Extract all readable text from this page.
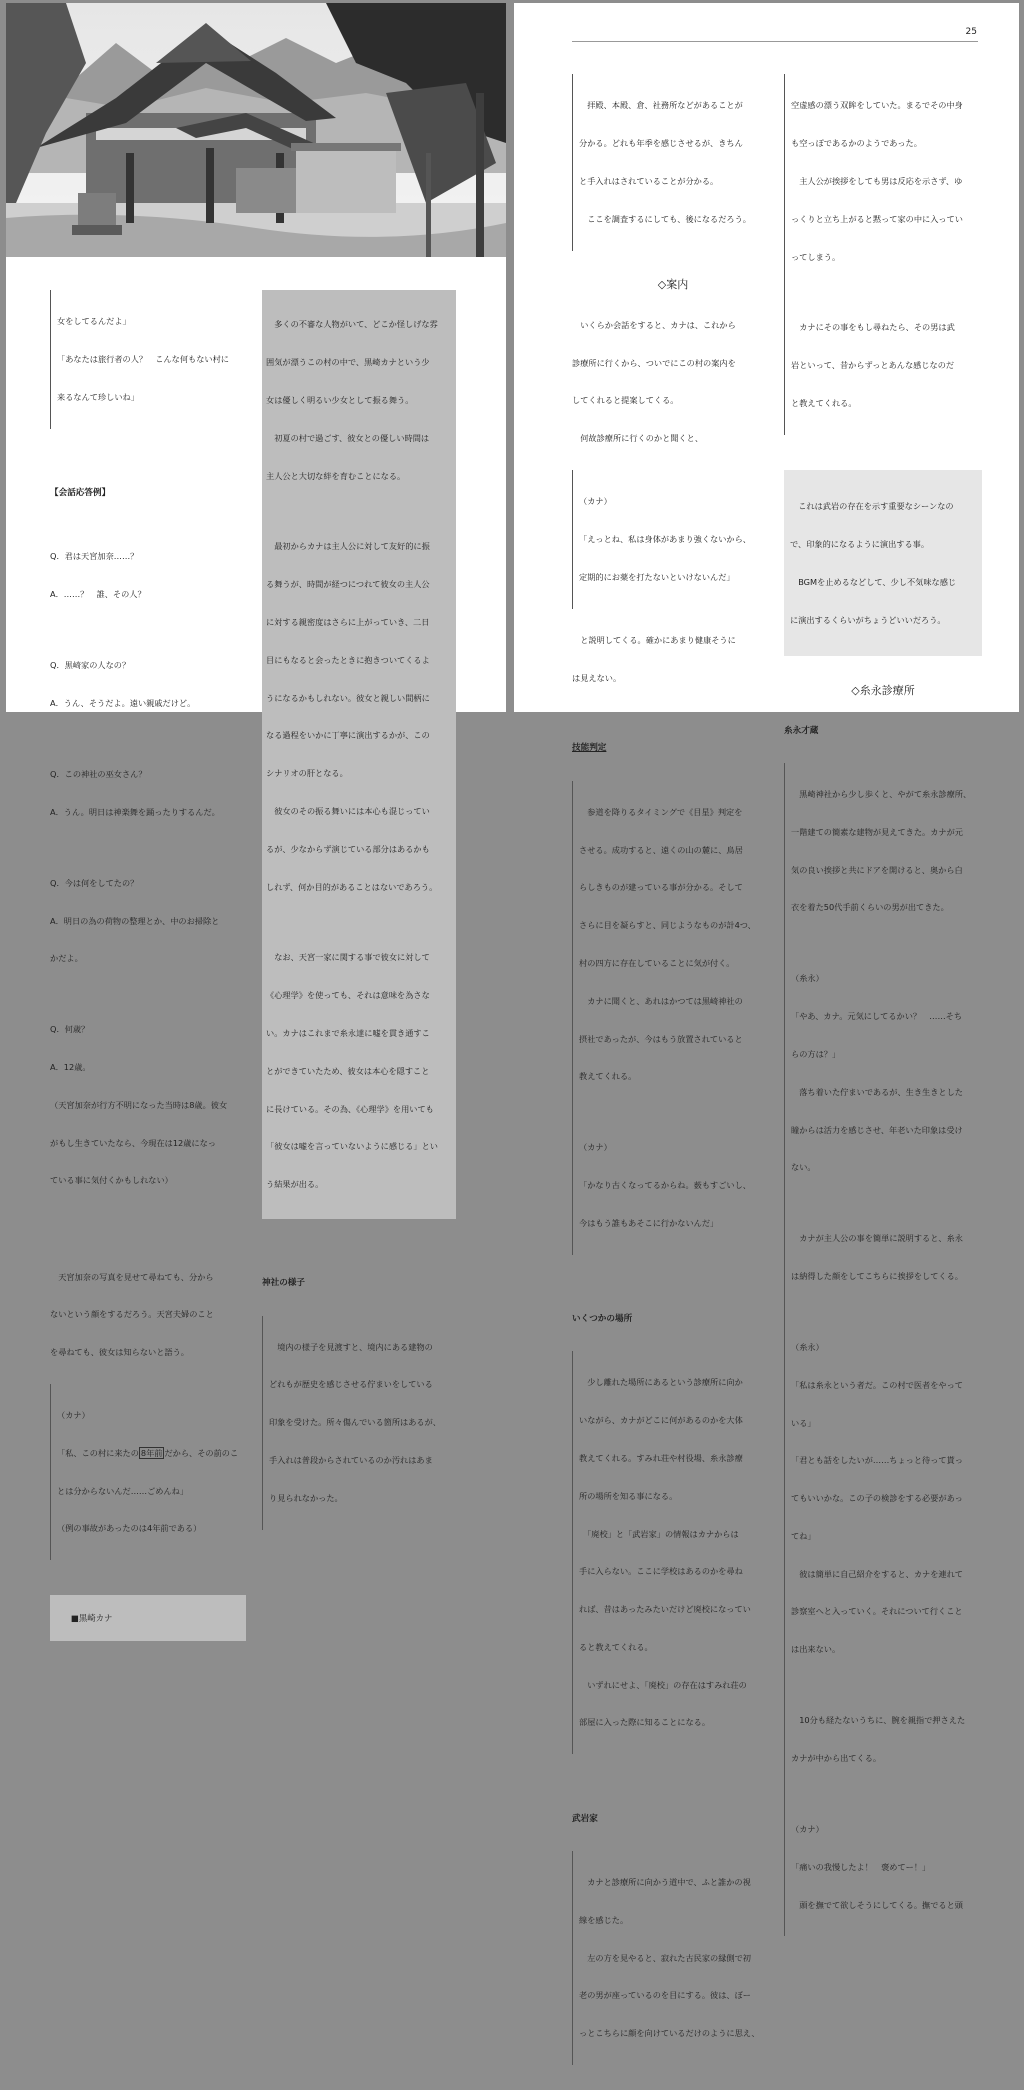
女をしてるんだよ」

「あなたは旅行者の人？　こんな何もない村に

来るなんて珍しいね」

【会話応答例】

Q．君は天宮加奈……？

A．……？　誰、その人？

Q．黒崎家の人なの？

A．うん、そうだよ。遠い親戚だけど。

Q．この神社の巫女さん？

A．うん。明日は神楽舞を踊ったりするんだ。

Q．今は何をしてたの？

A．明日の為の荷物の整理とか、中のお掃除と

かだよ。

Q．何歳？

A．12歳。

（天宮加奈が行方不明になった当時は8歳。彼女

がもし生きていたなら、今現在は12歳になっ

ている事に気付くかもしれない）

　天宮加奈の写真を見せて尋ねても、分から

ないという顔をするだろう。天宮夫婦のこと

を尋ねても、彼女は知らないと語う。

（カナ）

「私、この村に来たの 8年前 だから、その前のこ

とは分からないんだ……ごめんね」

（例の事故があったのは4年前である）

■黒崎カナ

　多くの不審な人物がいて、どこか怪しげな雰

囲気が漂うこの村の中で、黒崎カナという少

女は優しく明るい少女として振る舞う。

　初夏の村で過ごす、彼女との優しい時間は

主人公と大切な絆を育むことになる。

　最初からカナは主人公に対して友好的に振

る舞うが、時間が経つにつれて彼女の主人公

に対する親密度はさらに上がっていき、二日

目にもなると会ったときに抱きついてくるよ

うになるかもしれない。彼女と親しい間柄に

なる過程をいかに丁寧に演出するかが、この

シナリオの肝となる。

　彼女のその振る舞いには本心も混じってい

るが、少なからず演じている部分はあるかも

しれず、何か目的があることはないであろう。

　なお、天宮一家に関する事で彼女に対して

《心理学》を使っても、それは意味を為さな

い。カナはこれまで糸永達に嘘を貫き通すこ

とができていたため、彼女は本心を隠すこと

に長けている。その為、《心理学》を用いても

「彼女は嘘を言っていないように感じる」とい

う結果が出る。

神社の様子

　境内の様子を見渡すと、境内にある建物の

どれもが歴史を感じさせる佇まいをしている

印象を受けた。所々傷んでいる箇所はあるが、

手入れは普段からされているのか汚れはあま

り見られなかった。

25

　拝殿、本殿、倉、社務所などがあることが

分かる。どれも年季を感じさせるが、きちん

と手入れはされていることが分かる。

　ここを調査するにしても、後になるだろう。

◇案内

　いくらか会話をすると、カナは、これから

診療所に行くから、ついでにこの村の案内を

してくれると提案してくる。

　何故診療所に行くのかと聞くと、

（カナ）

「えっとね、私は身体があまり強くないから、

定期的にお薬を打たないといけないんだ」

　と説明してくる。確かにあまり健康そうに

は見えない。

技能判定

　参道を降りるタイミングで《目星》判定を

させる。成功すると、遠くの山の麓に、鳥居

らしきものが建っている事が分かる。そして

さらに目を凝らすと、同じようなものが計4つ、

村の四方に存在していることに気が付く。

　カナに聞くと、あれはかつては黒崎神社の

摂社であったが、今はもう放置されていると

教えてくれる。

（カナ）

「かなり古くなってるからね。薮もすごいし、

今はもう誰もあそこに行かないんだ」

いくつかの場所

　少し離れた場所にあるという診療所に向か

いながら、カナがどこに何があるのかを大体

教えてくれる。すみれ荘や村役場、糸永診療

所の場所を知る事になる。

　「廃校」と「武岩家」の情報はカナからは

手に入らない。ここに学校はあるのかを尋ね

れば、昔はあったみたいだけど廃校になってい

ると教えてくれる。

　いずれにせよ、「廃校」の存在はすみれ荘の

部屋に入った際に知ることになる。

武岩家

　カナと診療所に向かう道中で、ふと誰かの視

線を感じた。

　左の方を見やると、寂れた古民家の縁側で初

老の男が座っているのを目にする。彼は、ぼー

っとこちらに顔を向けているだけのように思え、

空虚感の漂う双眸をしていた。まるでその中身

も空っぽであるかのようであった。

　主人公が挨拶をしても男は反応を示さず、ゆ

っくりと立ち上がると黙って家の中に入ってい

ってしまう。

　カナにその事をもし尋ねたら、その男は武

岩といって、昔からずっとあんな感じなのだ

と教えてくれる。

　これは武岩の存在を示す重要なシーンなの

で、印象的になるように演出する事。

　BGMを止めるなどして、少し不気味な感じ

に演出するくらいがちょうどいいだろう。

◇糸永診療所

糸永才蔵

　黒崎神社から少し歩くと、やがて糸永診療所、

一階建ての簡素な建物が見えてきた。カナが元

気の良い挨拶と共にドアを開けると、奥から白

衣を着た50代手前くらいの男が出てきた。

（糸永）

「やあ、カナ。元気にしてるかい？　……そち

らの方は？」

　落ち着いた佇まいであるが、生き生きとした

瞳からは活力を感じさせ、年老いた印象は受け

ない。

　カナが主人公の事を簡単に説明すると、糸永

は納得した顔をしてこちらに挨拶をしてくる。

（糸永）

「私は糸永という者だ。この村で医者をやって

いる」

「君とも話をしたいが……ちょっと待って貰っ

てもいいかな。この子の検診をする必要があっ

てね」

　彼は簡単に自己紹介をすると、カナを連れて

診察室へと入っていく。それについて行くこと

は出来ない。

　10分も経たないうちに、腕を親指で押さえた

カナが中から出てくる。

（カナ）

「痛いの我慢したよ！　褒めてー！」

　頭を撫でて欲しそうにしてくる。撫でると頭
